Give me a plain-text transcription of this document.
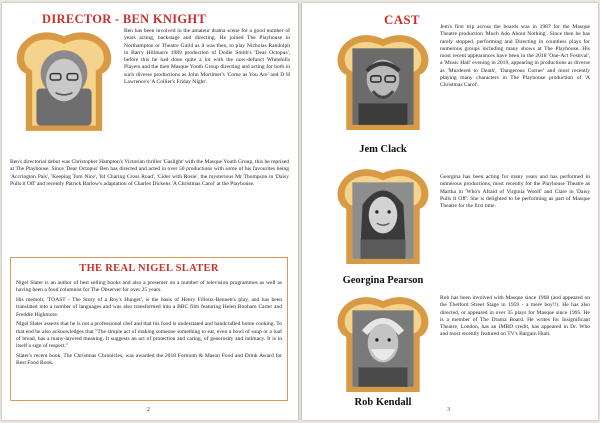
DIRECTOR - BEN KNIGHT
Ben has been involved in the amateur drama scene for a good number of years acting, backstage and directing. He joined The Playhouse in Northampton or Theatre Guild as it was then, to play Nicholas Randolph in Barry Hillman's 1989 production of Dodie Smith's 'Dear Octopus', before this he had done quite a lot with the now-defunct Whitehills Players and the then Masque Youth Group directing and acting for both in such diverse productions as John Mortimer's 'Come as You Are' and D H Lawrence's 'A Collier's Friday Night'.
Ben's directorial debut was Christopher Hampton's Victorian thriller 'Gaslight' with the Masque Youth Group, this he reprised at The Playhouse. Since 'Dear Octopus' Ben has directed and acted in over 50 productions with some of his favourites being 'Accrington Pals', 'Keeping Tom Nice', '84 Charing Cross Road', 'Cider with Rosie', the mysterious Mr Thompson in 'Daisy Pulls it Off' and recently Patrick Barlow's adaptation of Charles Dickens 'A Christmas Carol' at the Playhouse.
THE REAL NIGEL SLATER

Nigel Slater is an author of best selling books and also a presenter on a number of television programmes as well as having been a food columnist for The Observer for over 25 years.

His memoir, 'TOAST - The Story of a Boy's Hunger', is the basis of Henry Filloux-Bennett's play, and has been translated into a number of languages and was also transformed into a BBC film featuring Helen Bonham Carter and Freddie Highmore.

Nigel Slater asserts that he is not a professional chef and that his food is understated and handcrafted home cooking. To that end he also acknowledges that "The simple act of making someone something to eat, even a bowl of soup or a loaf of bread, has a many-layered meaning. It suggests an act of protection and caring, of generosity and intimacy. It is in itself a sign of respect."

Slater's recent book, The Christmas Chronicles, was awarded the 2018 Fortnum & Mason Food and Drink Award for Best Food Book.

2
CAST
Jem Clack
Jem's first trip across the boards was in 1987 for the Masque Theatre production 'Much Ado About Nothing'. Since then he has rarely stopped, performing and Directing in countless plays for numerous groups including many shows at The Playhouse. His most recent appearances have been in the 2018 'One-Act Festival', a 'Music Hall' evening in 2019, appearing in productions as diverse as 'Murdered to Death', 'Dangerous Corner' and most recently playing many characters in The Playhouse production of 'A Christmas Carol'.
Georgina Pearson
Georgina has been acting for many years and has performed in numerous productions, most recently for the Playhouse Theatre as Martha in 'Who's Afraid of Virginia Woolf' and Clare in 'Daisy Pulls It Off'. She is delighted to be performing as part of Masque Theatre for the first time.
Rob Kendall
Rob has been involved with Masque since 1968 (and appeared on the Thetford Street Stage in 1959 - a mere boy!!). He has also directed, or appeared in over 35 plays for Masque since 1995. He is a member of The Drama Board. He writes for Insignificant Theatre, London, has an IMBD credit, has appeared in Dr. Who and most recently featured on TV's Bargain Hunt.
3
